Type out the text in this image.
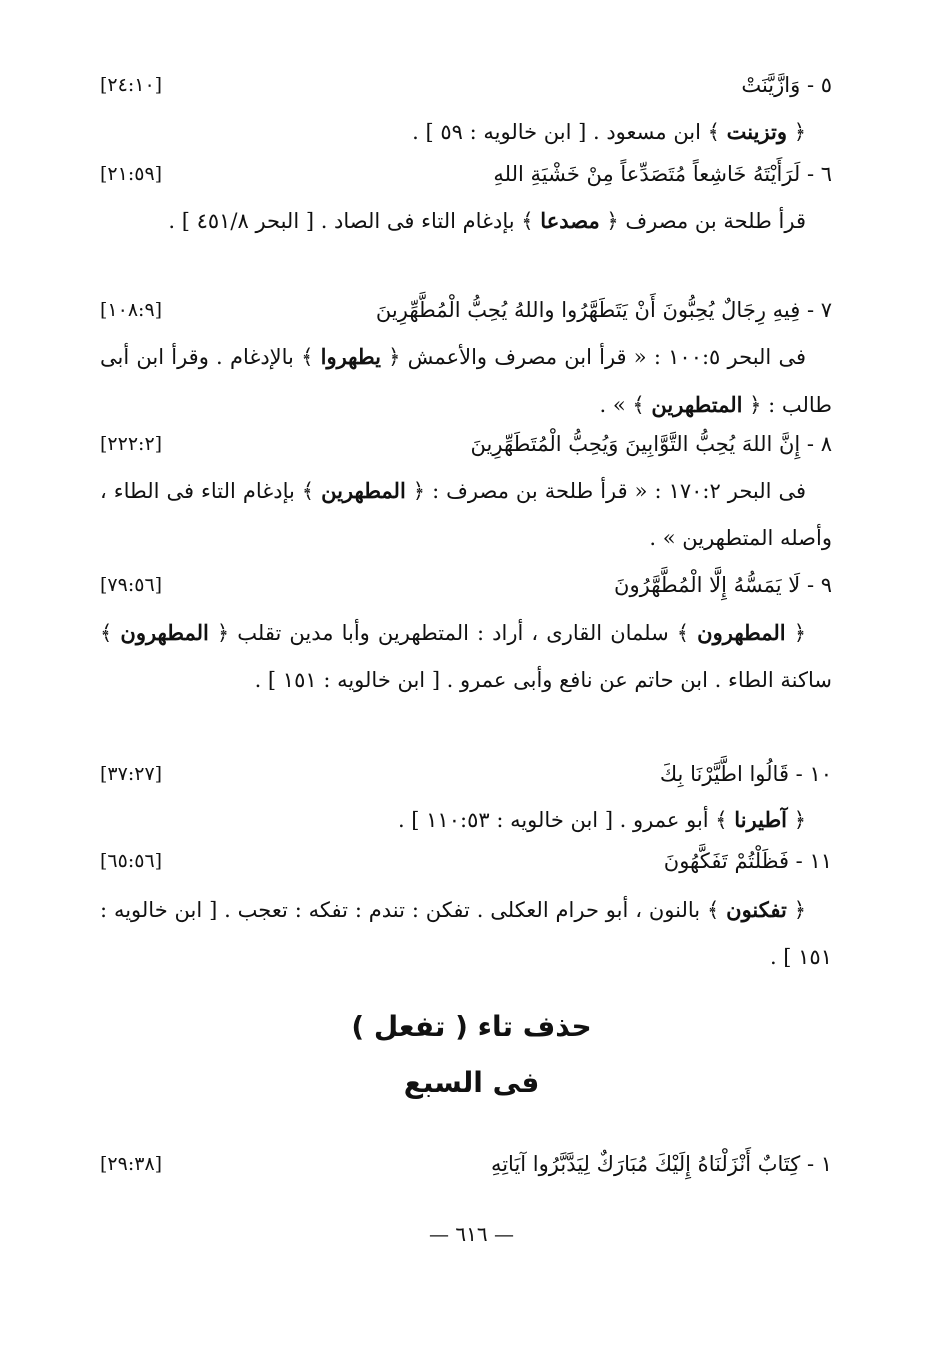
٥ - وَازَّيَّنَتْ
[٢٤:١٠]
﴿ وتزينت ﴾ ابن مسعود . [ ابن خالويه : ٥٩ ] .
٦ - لَرَأَيْتَهُ خَاشِعاً مُتَصَدِّعاً مِنْ خَشْيَةِ اللهِ
[٢١:٥٩]
قرأ طلحة بن مصرف ﴿ مصدعا ﴾ بإدغام التاء فى الصاد . [ البحر ٤٥١/٨ ] .
٧ - فِيهِ رِجَالٌ يُحِبُّونَ أَنْ يَتَطَهَّرُوا واللهُ يُحِبُّ الْمُطَّهِّرِينَ
[١٠٨:٩]
فى البحر ١٠٠:٥ : « قرأ ابن مصرف والأعمش ﴿ يطهروا ﴾ بالإدغام . وقرأ ابن أبى طالب : ﴿ المتطهرين ﴾ » .
٨ - إِنَّ اللهَ يُحِبُّ التَّوَّابِينَ وَيُحِبُّ الْمُتَطَهِّرِينَ
[٢٢٢:٢]
فى البحر ١٧٠:٢ : « قرأ طلحة بن مصرف : ﴿ المطهرين ﴾ بإدغام التاء فى الطاء ، وأصله المتطهرين » .
٩ - لَا يَمَسُّهُ إِلَّا الْمُطَّهَّرُونَ
[٧٩:٥٦]
﴿ المطهرون ﴾ سلمان القارى ، أراد : المتطهرين وأبا مدين تقلب ﴿ المطهرون ﴾ ساكنة الطاء . ابن حاتم عن نافع وأبى عمرو . [ ابن خالويه : ١٥١ ] .
١٠ - قَالُوا اطَّيَّرْنَا بِكَ
[٣٧:٢٧]
﴿ آطيرنا ﴾ أبو عمرو . [ ابن خالويه : ١١٠:٥٣ ] .
١١ - فَظَلْتُمْ تَفَكَّهُونَ
[٦٥:٥٦]
﴿ تفكنون ﴾ بالنون ، أبو حرام العكلى . تفكن : تندم : تفكه : تعجب . [ ابن خالويه : ١٥١ ] .
حذف تاء ( تفعل )
فى السبع
١ - كِتَابٌ أَنْزَلْنَاهُ إِلَيْكَ مُبَارَكٌ لِيَدَّبَّرُوا آيَاتِهِ
[٢٩:٣٨]
— ٦١٦ —
